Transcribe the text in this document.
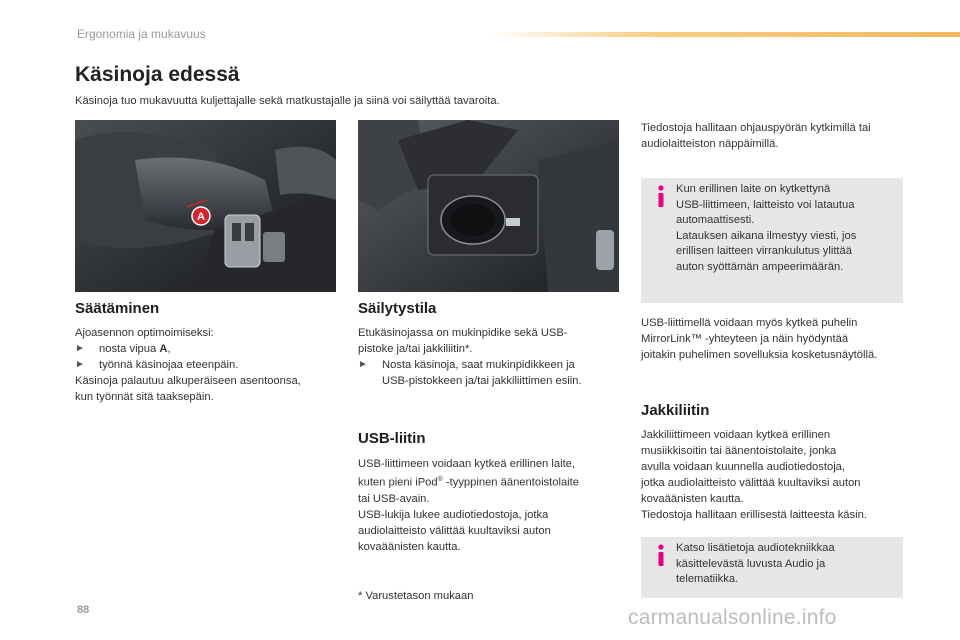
Ergonomia ja mukavuus
Käsinoja edessä
Käsinoja tuo mukavuutta kuljettajalle sekä matkustajalle ja siinä voi säilyttää tavaroita.
A
Säätäminen

Ajoasennon optimoimiseksi:

► nosta vipua A,

► työnnä käsinojaa eteenpäin.

Käsinoja palautuu alkuperäiseen asentoonsa,

kun työnnät sitä taaksepäin.

Säilytystila

Etukäsinojassa on mukinpidike sekä USB-

pistoke ja/tai jakkiliitin*.

► Nosta käsinoja, saat mukinpidikkeen ja

USB-pistokkeen ja/tai jakkiliittimen esiin.

USB-liitin

USB-liittimeen voidaan kytkeä erillinen laite,

kuten pieni iPod® -tyyppinen äänentoistolaite

tai USB-avain.

USB-lukija lukee audiotiedostoja, jotka

audiolaitteisto välittää kuultaviksi auton

kovaäänisten kautta.

* Varustetason mukaan

Tiedostoja hallitaan ohjauspyörän kytkimillä tai

audiolaitteiston näppäimillä.

Kun erillinen laite on kytkettynä
USB-liittimeen, laitteisto voi latautua
automaattisesti.
Latauksen aikana ilmestyy viesti, jos
erillisen laitteen virrankulutus ylittää
auton syöttämän ampeerimäärän.

USB-liittimellä voidaan myös kytkeä puhelin

MirrorLink™ -yhteyteen ja näin hyödyntää

joitakin puhelimen sovelluksia kosketusnäytöllä.

Jakkiliitin

Jakkiliittimeen voidaan kytkeä erillinen

musiikkisoitin tai äänentoistolaite, jonka

avulla voidaan kuunnella audiotiedostoja,

jotka audiolaitteisto välittää kuultaviksi auton

kovaäänisten kautta.

Tiedostoja hallitaan erillisestä laitteesta käsin.

Katso lisätietoja audiotekniikkaa
käsittelevästä luvusta Audio ja
telematiikka.
88	carmanualsonline.info
